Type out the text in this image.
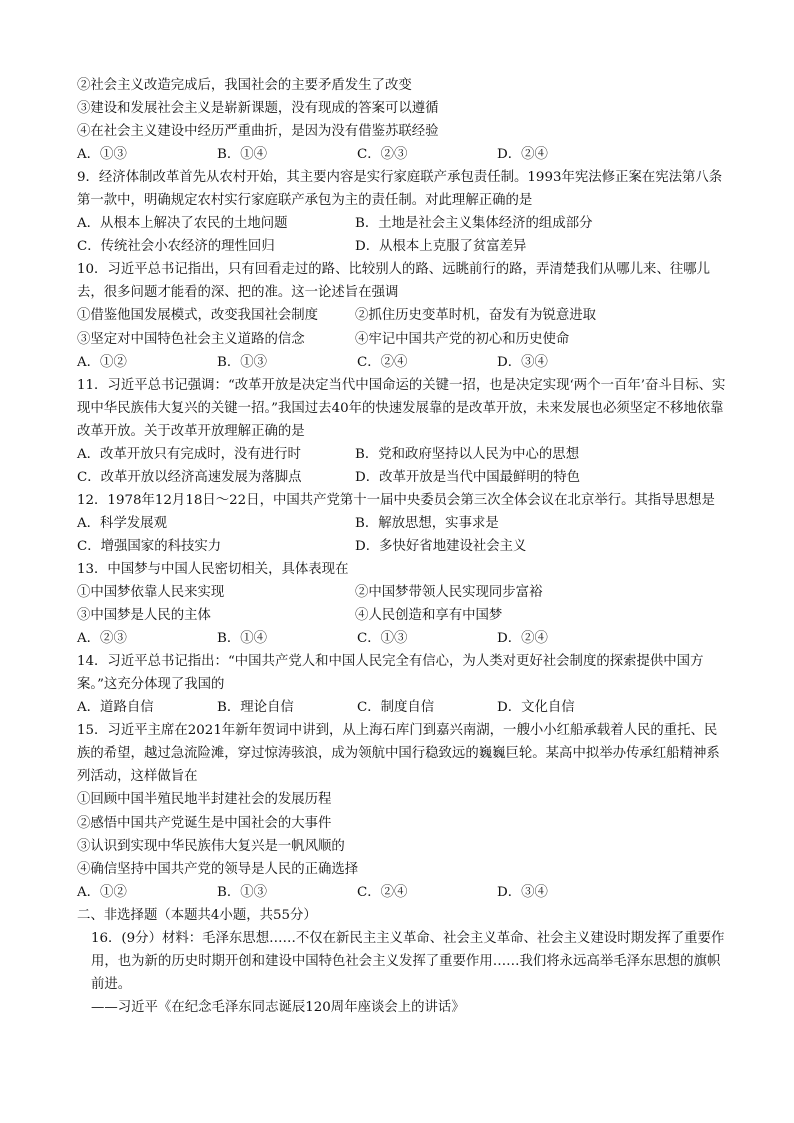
②社会主义改造完成后，我国社会的主要矛盾发生了改变
③建设和发展社会主义是崭新课题，没有现成的答案可以遵循
④在社会主义建设中经历严重曲折，是因为没有借鉴苏联经验
A．①③	B．①④	C．②③	D．②④
9．经济体制改革首先从农村开始，其主要内容是实行家庭联产承包责任制。1993年宪法修正案在宪法第八条第一款中，明确规定农村实行家庭联产承包为主的责任制。对此理解正确的是
A．从根本上解决了农民的土地问题	B．土地是社会主义集体经济的组成部分
C．传统社会小农经济的理性回归	D．从根本上克服了贫富差异
10．习近平总书记指出，只有回看走过的路、比较别人的路、远眺前行的路，弄清楚我们从哪儿来、往哪儿去，很多问题才能看的深、把的准。这一论述旨在强调
①借鉴他国发展模式，改变我国社会制度	②抓住历史变革时机，奋发有为锐意进取
③坚定对中国特色社会主义道路的信念	④牢记中国共产党的初心和历史使命
A．①②	B．①③	C．②④	D．③④
11．习近平总书记强调：“改革开放是决定当代中国命运的关键一招，也是决定实现‘两个一百年’奋斗目标、实现中华民族伟大复兴的关键一招。”我国过去40年的快速发展靠的是改革开放，未来发展也必须坚定不移地依靠改革开放。关于改革开放理解正确的是
A．改革开放只有完成时，没有进行时	B．党和政府坚持以人民为中心的思想
C．改革开放以经济高速发展为落脚点	D．改革开放是当代中国最鲜明的特色
12．1978年12月18日～22日，中国共产党第十一届中央委员会第三次全体会议在北京举行。其指导思想是
A．科学发展观	B．解放思想，实事求是
C．增强国家的科技实力	D．多快好省地建设社会主义
13．中国梦与中国人民密切相关，具体表现在
①中国梦依靠人民来实现	②中国梦带领人民实现同步富裕
③中国梦是人民的主体	④人民创造和享有中国梦
A．②③	B．①④	C．①③	D．②④
14．习近平总书记指出：“中国共产党人和中国人民完全有信心，为人类对更好社会制度的探索提供中国方案。”这充分体现了我国的
A．道路自信	B．理论自信	C．制度自信	D．文化自信
15．习近平主席在2021年新年贺词中讲到，从上海石库门到嘉兴南湖，一艘小小红船承载着人民的重托、民族的希望，越过急流险滩，穿过惊涛骇浪，成为领航中国行稳致远的巍巍巨轮。某高中拟举办传承红船精神系列活动，这样做旨在
①回顾中国半殖民地半封建社会的发展历程
②感悟中国共产党诞生是中国社会的大事件
③认识到实现中华民族伟大复兴是一帆风顺的
④确信坚持中国共产党的领导是人民的正确选择
A．①②	B．①③	C．②④	D．③④
二、非选择题（本题共4小题，共55分）
16．(9分）材料：毛泽东思想……不仅在新民主主义革命、社会主义革命、社会主义建设时期发挥了重要作用，也为新的历史时期开创和建设中国特色社会主义发挥了重要作用……我们将永远高举毛泽东思想的旗帜前进。
——习近平《在纪念毛泽东同志诞辰120周年座谈会上的讲话》
